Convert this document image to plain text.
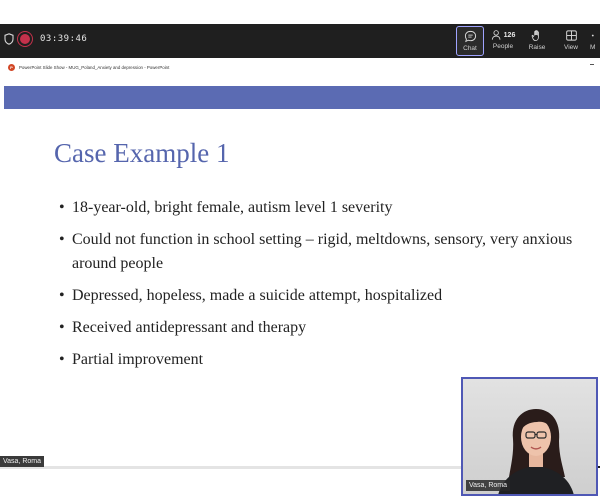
03:39:46
Chat
126
People Raise	View M
P PowerPoint Slide Show - MUG_Poland_Anxiety and depression - PowerPoint
Case Example 1
• 18-year-old, bright female, autism level 1 severity
• Could not function in school setting – rigid, meltdowns, sensory, very anxious around people
• Depressed, hopeless, made a suicide attempt, hospitalized
• Received antidepressant and therapy
• Partial improvement
Vasa, Roma
Vasa, Roma
